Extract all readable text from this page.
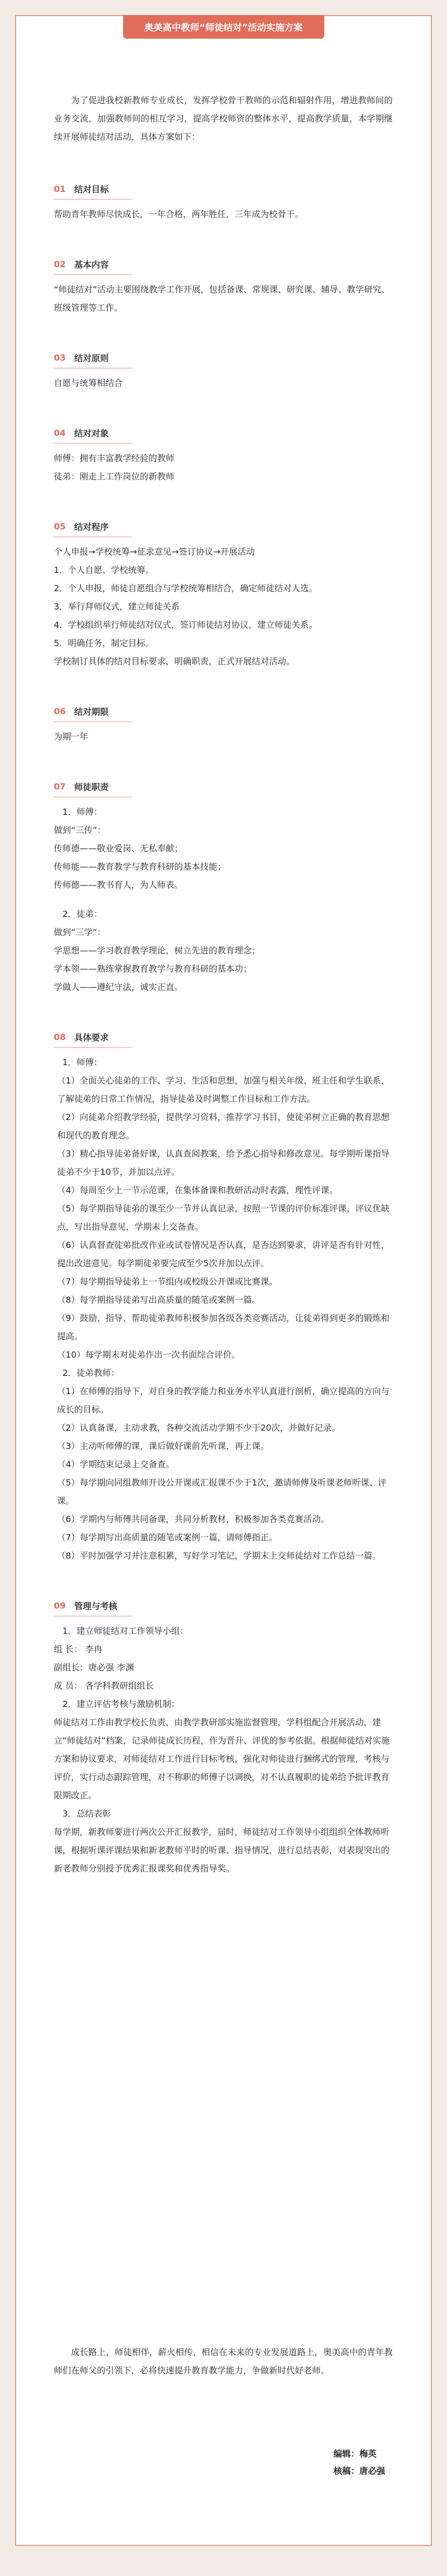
奥美高中教师“师徒结对”活动实施方案

为了促进我校新教师专业成长，发挥学校骨干教师的示范和辐射作用，增进教师间的业务交流，加强教师间的相互学习，提高学校师资的整体水平，提高教学质量，本学期继续开展师徒结对活动，具体方案如下：

01 结对目标

帮助青年教师尽快成长，一年合格，两年胜任，三年成为校骨干。

02 基本内容

“师徒结对”活动主要围绕教学工作开展，包括备课、常规课、研究课、辅导、教学研究、班级管理等工作。

03 结对原则

自愿与统筹相结合

04 结对对象

师傅：拥有丰富教学经验的教师

徒弟：刚走上工作岗位的新教师

05 结对程序

个人申报→学校统筹→征求意见→签订协议→开展活动

1．个人自愿、学校统筹。

2．个人申报，师徒自愿组合与学校统筹相结合，确定师徒结对人选。

3．举行拜师仪式，建立师徒关系

4．学校组织举行师徒结对仪式，签订师徒结对协议，建立师徒关系。

5．明确任务，制定目标。

学校制订具体的结对目标要求，明确职责，正式开展结对活动。

06 结对期限

为期一年

07 师徒职责

1．师傅：

做到“三传”：

传师德——敬业爱岗、无私奉献；

传师能——教育教学与教育科研的基本技能；

传师德——教书育人，为人师表。

2．徒弟：

做到“三学”：

学思想——学习教育教学理论，树立先进的教育理念；

学本领——熟练掌握教育教学与教育科研的基本功；

学做人——遵纪守法，诚实正直。

08 具体要求

1．师傅：

（1）全面关心徒弟的工作、学习、生活和思想，加强与相关年级、班主任和学生联系，了解徒弟的日常工作情况，指导徒弟及时调整工作目标和工作方法。

（2）向徒弟介绍教学经验，提供学习资料，推荐学习书目，使徒弟树立正确的教育思想和现代的教育理念。

（3）精心指导徒弟备好课，认真查阅教案，给予悉心指导和修改意见。每学期听课指导徒弟不少于10节，并加以点评。

（4）每周至少上一节示范课，在集体备课和教研活动时表露，理性评课。

（5）每学期指导徒弟的课至少一节并认真记录，按照一节课的评价标准评课，评议优缺点，写出指导意见，学期末上交备查。

（6）认真督查徒弟批改作业或试卷情况是否认真，是否达到要求，讲评是否有针对性，提出改进意见。每学期徒弟要完成至少5次并加以点评。

（7）每学期指导徒弟上一节组内或校级公开课或比赛课。

（8）每学期指导徒弟写出高质量的随笔或案例一篇。

（9）鼓励、指导、帮助徒弟教师积极参加各级各类竞赛活动，让徒弟得到更多的锻炼和提高。

（10）每学期末对徒弟作出一次书面综合评价。

2．徒弟教师：

（1）在师傅的指导下，对自身的教学能力和业务水平认真进行剖析，确立提高的方向与成长的目标。

（2）认真备课，主动求教，各种交流活动学期不少于20次，并做好记录。

（3）主动听师傅的课，课后做好课前先听课，再上课。

（4）学期结束记录上交备查。

（5）每学期向同组教师开设公开课或汇报课不少于1次，邀请师傅及听课老师听课、评课。

（6）学期内与师傅共同备课，共同分析教材，积极参加各类竞赛活动。

（7）每学期写出高质量的随笔或案例一篇，请师傅指正。

（8）平时加强学习并注意积累，写好学习笔记，学期末上交师徒结对工作总结一篇。

09 管理与考核

1．建立师徒结对工作领导小组：

组 长： 李冉

副组长：唐必强 李渊

成 员： 各学科教研组组长

2．建立评估考核与激励机制：

师徒结对工作由教学校长负责，由教学教研部实施监督管理，学科组配合开展活动，建立“师徒结对”档案，记录师徒成长历程，作为晋升、评优的参考依据。根据师徒结对实施方案和协议要求，对师徒结对工作进行目标考核，强化对师徒进行捆绑式的管理，考核与评价，实行动态跟踪管理，对不称职的师傅子以调换，对不认真履职的徒弟给予批评教育限期改正。

3．总结表彰

每学期，新教师要进行两次公开汇报教学，届时，师徒结对工作领导小组组织全体教师听课，根据听课评课结果和新老教师平时的听课、指导情况，进行总结表彰，对表现突出的新老教师分别授予优秀汇报课奖和优秀指导奖。

成长路上，师徒相伴，薪火相传，相信在未来的专业发展道路上，奥美高中的青年教师们在师父的引领下，必将快速提升教育教学能力，争做新时代好老师。

编辑：梅英
核稿：唐必强
